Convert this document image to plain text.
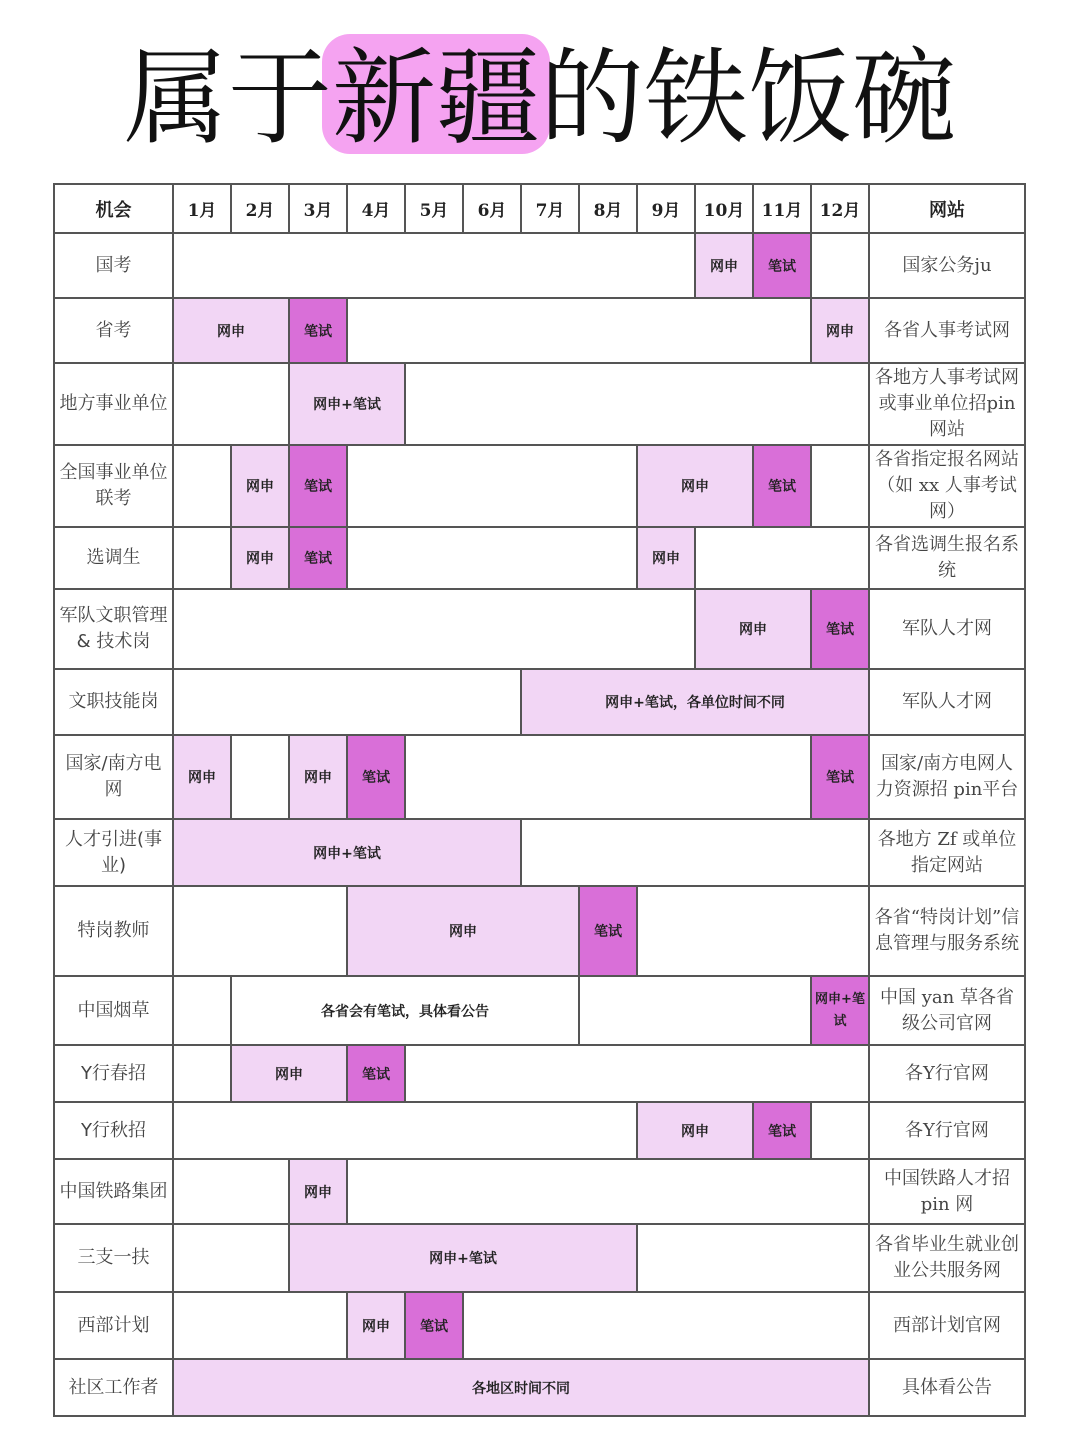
属于新疆的铁饭碗
机会	1月	2月	3月	4月	5月	6月	7月	8月	9月	10月	11月	12月	网站
国考										网申	笔试		国家公务ju
省考	网申		笔试									网申	各省人事考试网
地方事业单位			网申+笔试										各地方人事考试网或事业单位招pin网站
全国事业单位联考		网申	笔试						网申		笔试		各省指定报名网站（如 xx 人事考试网）
选调生		网申	笔试						网申				各省选调生报名系统
军队文职管理 & 技术岗										网申		笔试	军队人才网
文职技能岗							网申+笔试，各单位时间不同						军队人才网
国家/南方电网	网申		网申	笔试								笔试	国家/南方电网人力资源招 pin平台
人才引进(事业)	网申+笔试												各地方 Zf 或单位指定网站
特岗教师				网申				笔试					各省“特岗计划”信息管理与服务系统
中国烟草		各省会有笔试，具体看公告										网申+笔试	中国 yan 草各省级公司官网
Y行春招		网申		笔试									各Y行官网
Y行秋招									网申		笔试		各Y行官网
中国铁路集团			网申										中国铁路人才招 pin 网
三支一扶			网申+笔试										各省毕业生就业创业公共服务网
西部计划				网申	笔试								西部计划官网
社区工作者	各地区时间不同												具体看公告
